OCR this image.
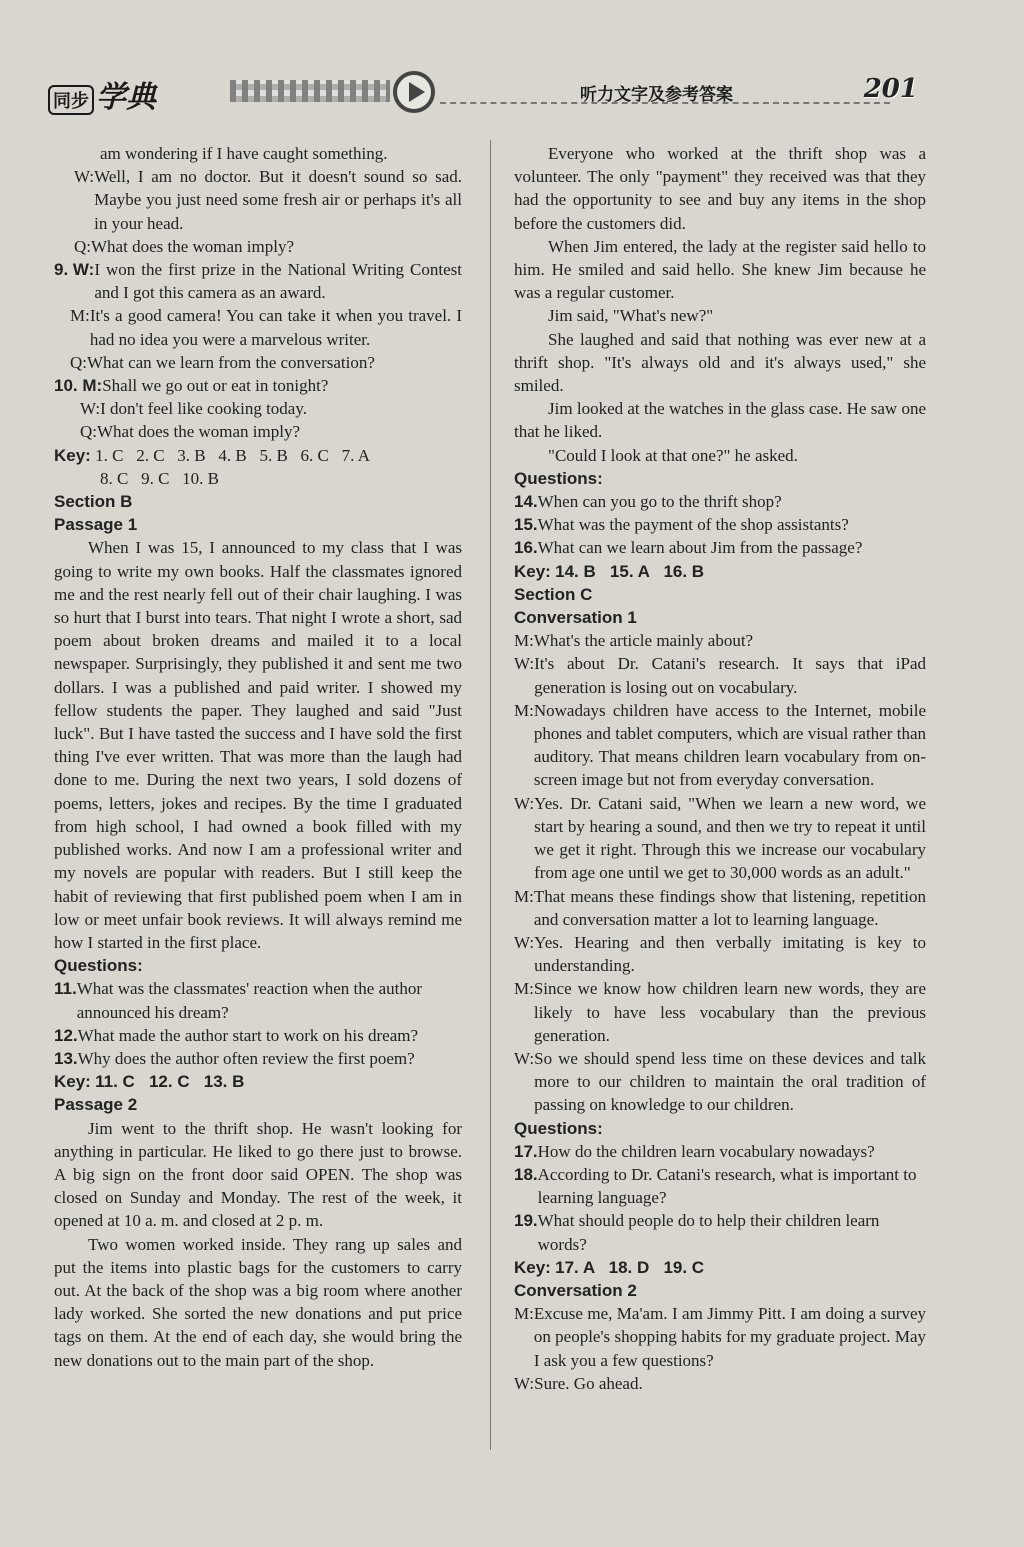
同步 学典	听力文字及参考答案	201

am wondering if I have caught something.

W: Well, I am no doctor. But it doesn't sound so sad. Maybe you just need some fresh air or perhaps it's all in your head.
Q: What does the woman imply?
9. W: I won the first prize in the National Writing Contest and I got this camera as an award.
M: It's a good camera! You can take it when you travel. I had no idea you were a marvelous writer.
Q: What can we learn from the conversation?
10. M: Shall we go out or eat in tonight?
W: I don't feel like cooking today.
Q: What does the woman imply?

Key: 1. C   2. C   3. B   4. B   5. B   6. C   7. A

8. C   9. C   10. B

Section B

Passage 1

When I was 15, I announced to my class that I was going to write my own books. Half the classmates ignored me and the rest nearly fell out of their chair laughing. I was so hurt that I burst into tears. That night I wrote a short, sad poem about broken dreams and mailed it to a local newspaper. Surprisingly, they published it and sent me two dollars. I was a published and paid writer. I showed my fellow students the paper. They laughed and said "Just luck". But I have tasted the success and I have sold the first thing I've ever written. That was more than the laugh had done to me. During the next two years, I sold dozens of poems, letters, jokes and recipes. By the time I graduated from high school, I had owned a book filled with my published works. And now I am a professional writer and my novels are popular with readers. But I still keep the habit of reviewing that first published poem when I am in low or meet unfair book reviews. It will always remind me how I started in the first place.

Questions:

11. What was the classmates' reaction when the author announced his dream?
12. What made the author start to work on his dream?
13. Why does the author often review the first poem?

Key: 11. C   12. C   13. B

Passage 2

Jim went to the thrift shop. He wasn't looking for anything in particular. He liked to go there just to browse. A big sign on the front door said OPEN. The shop was closed on Sunday and Monday. The rest of the week, it opened at 10 a. m. and closed at 2 p. m.

Two women worked inside. They rang up sales and put the items into plastic bags for the customers to carry out. At the back of the shop was a big room where another lady worked. She sorted the new donations and put price tags on them. At the end of each day, she would bring the new donations out to the main part of the shop.

Everyone who worked at the thrift shop was a volunteer. The only "payment" they received was that they had the opportunity to see and buy any items in the shop before the customers did.

When Jim entered, the lady at the register said hello to him. He smiled and said hello. She knew Jim because he was a regular customer.

Jim said, "What's new?"

She laughed and said that nothing was ever new at a thrift shop. "It's always old and it's always used," she smiled.

Jim looked at the watches in the glass case. He saw one that he liked.

"Could I look at that one?" he asked.

Questions:

14. When can you go to the thrift shop?
15. What was the payment of the shop assistants?
16. What can we learn about Jim from the passage?

Key: 14. B   15. A   16. B

Section C

Conversation 1

M: What's the article mainly about?
W: It's about Dr. Catani's research. It says that iPad generation is losing out on vocabulary.
M: Nowadays children have access to the Internet, mobile phones and tablet computers, which are visual rather than auditory. That means children learn vocabulary from on-screen image but not from everyday conversation.
W: Yes. Dr. Catani said, "When we learn a new word, we start by hearing a sound, and then we try to repeat it until we get it right. Through this we increase our vocabulary from age one until we get to 30,000 words as an adult."
M: That means these findings show that listening, repetition and conversation matter a lot to learning language.
W: Yes. Hearing and then verbally imitating is key to understanding.
M: Since we know how children learn new words, they are likely to have less vocabulary than the previous generation.
W: So we should spend less time on these devices and talk more to our children to maintain the oral tradition of passing on knowledge to our children.

Questions:

17. How do the children learn vocabulary nowadays?
18. According to Dr. Catani's research, what is important to learning language?
19. What should people do to help their children learn words?

Key: 17. A   18. D   19. C

Conversation 2

M: Excuse me, Ma'am. I am Jimmy Pitt. I am doing a survey on people's shopping habits for my graduate project. May I ask you a few questions?
W: Sure. Go ahead.
